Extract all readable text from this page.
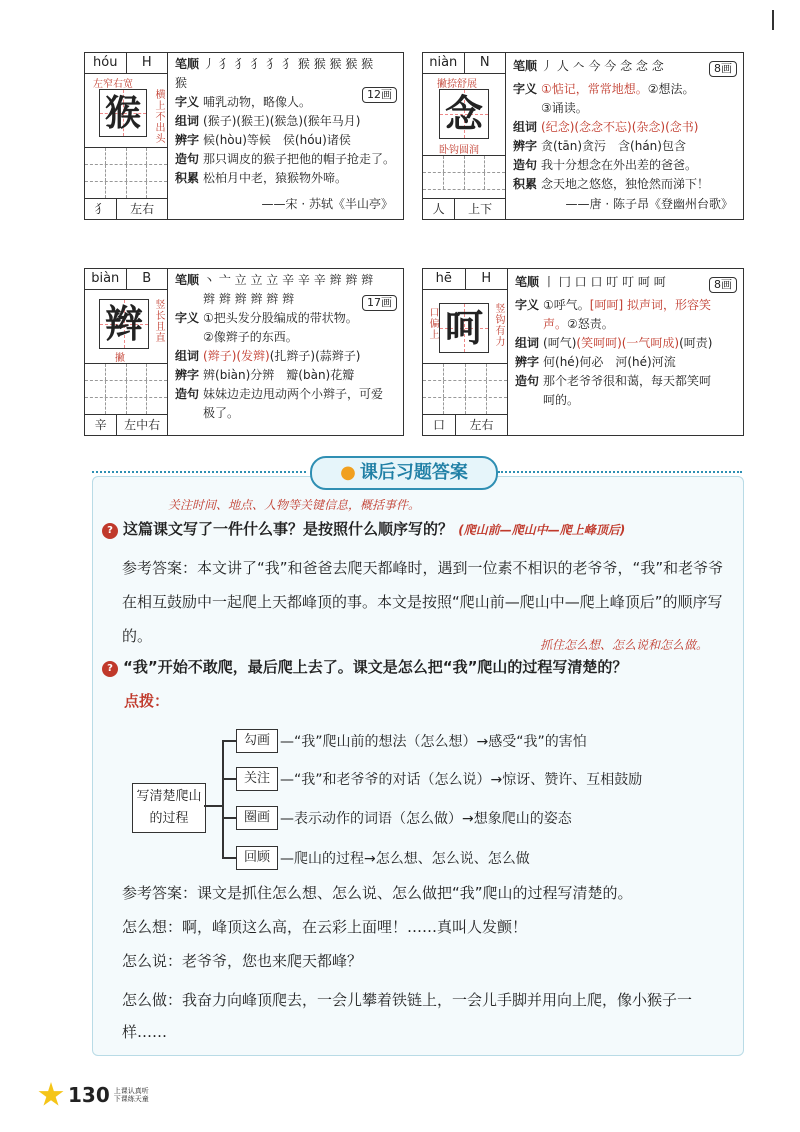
hóu	H
左窄右宽
猴	横上不出头
犭	左右
笔顺 丿 犭 犭 犭 犭 犭 猴 猴 猴 猴 猴
猴
字义 哺乳动物，略像人。
组词 (猴子)(猴王)(猴急)(猴年马月)
辨字 候(hòu)等候　侯(hóu)诸侯
造句 那只调皮的猴子把他的帽子抢走了。
积累 松柏月中老，猿猴物外啼。
12画
——宋 · 苏轼《半山亭》
niàn	N
撇捺舒展
念
卧钩圆润
人	上下
笔顺 丿 人 𠆢 今 今 念 念 念
字义 ①惦记，常常地想。②想法。
③诵读。
组词 (纪念)(念念不忘)(杂念)(念书)
辨字 贪(tān)贪污　含(hán)包含
造句 我十分想念在外出差的爸爸。
积累 念天地之悠悠，独怆然而涕下！
8画
——唐 · 陈子昂《登幽州台歌》
biàn	B
辫	竖长且直
撇
辛	左中右
笔顺 丶 亠 立 立 立 辛 辛 辛 辫 辫 辫
辫 辫 辫 辫 辫 辫
字义 ①把头发分股编成的带状物。
②像辫子的东西。
组词 (辫子)(发辫)(扎辫子)(蒜辫子)
辨字 辨(biàn)分辨　瓣(bàn)花瓣
造句 妹妹边走边甩动两个小辫子，可爱
极了。
17画
hē	H
口偏上 呵	竖钩有力
口	左右
笔顺 丨 冂 口 口 叮 叮 呵 呵
字义 ①呼气。[呵呵] 拟声词，形容笑
声。②怒责。
组词 (呵气)(笑呵呵)(一气呵成)(呵责)
辨字 何(hé)何必　河(hé)河流
造句 那个老爷爷很和蔼，每天都笑呵
呵的。
8画
● 课后习题答案
关注时间、地点、人物等关键信息，概括事件。
? 这篇课文写了一件什么事？是按照什么顺序写的？ (爬山前—爬山中—爬上峰顶后)
参考答案：本文讲了“我”和爸爸去爬天都峰时，遇到一位素不相识的老爷爷，“我”和老爷爷在相互鼓励中一起爬上天都峰顶的事。本文是按照“爬山前—爬山中—爬上峰顶后”的顺序写的。	抓住怎么想、怎么说和怎么做。
? “我”开始不敢爬，最后爬上去了。课文是怎么把“我”爬山的过程写清楚的？
点拨：
写清楚爬山的过程
勾画 —“我”爬山前的想法（怎么想）→感受“我”的害怕
关注 —“我”和老爷爷的对话（怎么说）→惊讶、赞许、互相鼓励
圈画 —表示动作的词语（怎么做）→想象爬山的姿态
回顾 —爬山的过程→怎么想、怎么说、怎么做
参考答案：课文是抓住怎么想、怎么说、怎么做把“我”爬山的过程写清楚的。
怎么想：啊，峰顶这么高，在云彩上面哩！……真叫人发颤！
怎么说：老爷爷，您也来爬天都峰？
怎么做：我奋力向峰顶爬去，一会儿攀着铁链上，一会儿手脚并用向上爬，像小猴子一样……
130 上课认真听 下课练天童
